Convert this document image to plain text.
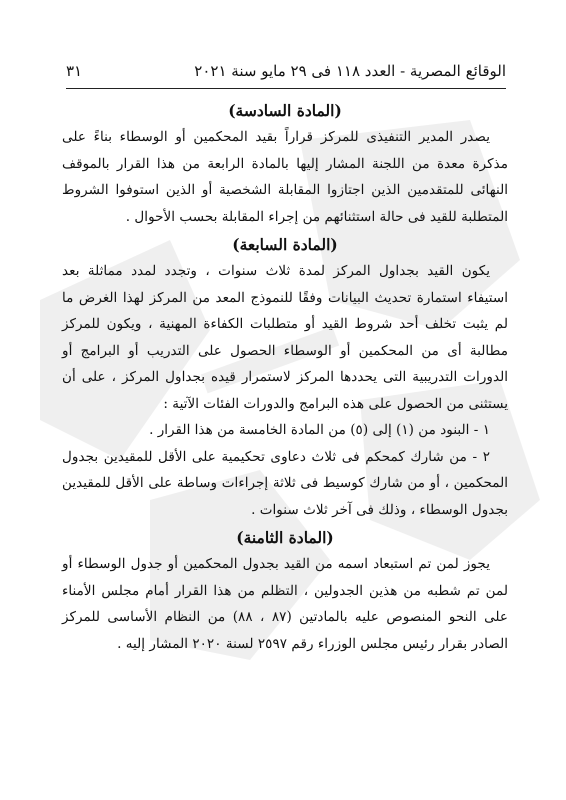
الوقائع المصرية - العدد ١١٨ فى ٢٩ مايو سنة ٢٠٢١
٣١

(المادة السادسة)

يصدر المدير التنفيذى للمركز قراراً بقيد المحكمين أو الوسطاء بناءً على مذكرة معدة من اللجنة المشار إليها بالمادة الرابعة من هذا القرار بالموقف النهائى للمتقدمين الذين اجتازوا المقابلة الشخصية أو الذين استوفوا الشروط المتطلبة للقيد فى حالة استثنائهم من إجراء المقابلة بحسب الأحوال .

(المادة السابعة)

يكون القيد بجداول المركز لمدة ثلاث سنوات ، وتجدد لمدد مماثلة بعد استيفاء استمارة تحديث البيانات وفقًا للنموذج المعد من المركز لهذا الغرض ما لم يثبت تخلف أحد شروط القيد أو متطلبات الكفاءة المهنية ، ويكون للمركز مطالبة أى من المحكمين أو الوسطاء الحصول على التدريب أو البرامج أو الدورات التدريبية التى يحددها المركز لاستمرار قيده بجداول المركز ، على أن يستثنى من الحصول على هذه البرامج والدورات الفئات الآتية :

١ - البنود من (١) إلى (٥) من المادة الخامسة من هذا القرار .

٢ - من شارك كمحكم فى ثلاث دعاوى تحكيمية على الأقل للمقيدين بجدول المحكمين ، أو من شارك كوسيط فى ثلاثة إجراءات وساطة على الأقل للمقيدين بجدول الوسطاء ، وذلك فى آخر ثلاث سنوات .

(المادة الثامنة)

يجوز لمن تم استبعاد اسمه من القيد بجدول المحكمين أو جدول الوسطاء أو لمن تم شطبه من هذين الجدولين ، التظلم من هذا القرار أمام مجلس الأمناء على النحو المنصوص عليه بالمادتين (٨٧ ، ٨٨) من النظام الأساسى للمركز الصادر بقرار رئيس مجلس الوزراء رقم ٢٥٩٧ لسنة ٢٠٢٠ المشار إليه .
